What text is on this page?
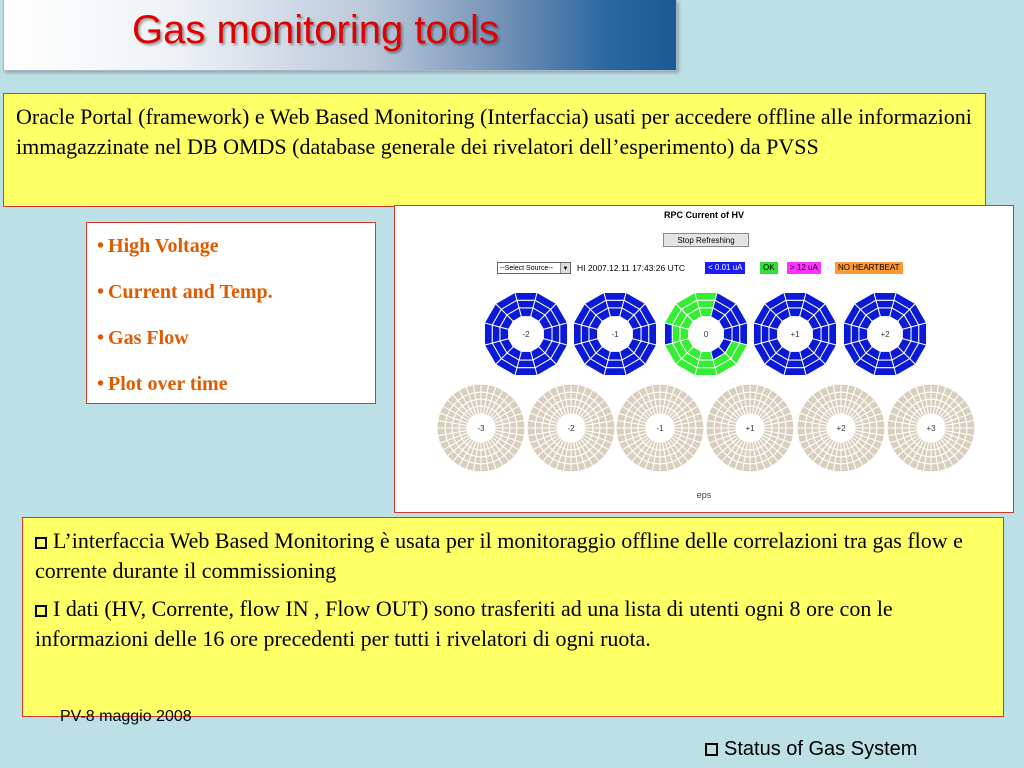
Gas monitoring tools
Oracle Portal (framework) e Web Based Monitoring (Interfaccia) usati per accedere offline alle informazioni immagazzinate nel DB OMDS (database generale dei rivelatori dell’esperimento) da PVSS
• High Voltage
• Current and Temp.
• Gas Flow
• Plot over time
RPC Current of HV
Stop Refreshing
--Select Source--	▼ HI 2007.12.11 17:43:26 UTC	< 0.01 uA	OK	> 12 uA	NO HEARTBEAT
-2	-1	0	+1	+2
-3	-2	-1	+1	+2	+3
eps

L’interfaccia Web Based Monitoring è usata per il monitoraggio offline delle correlazioni tra gas flow e corrente durante il commissioning

I dati (HV, Corrente, flow IN , Flow OUT) sono trasferiti ad una lista di utenti ogni 8 ore con le informazioni delle 16 ore precedenti per tutti i rivelatori di ogni ruota.

PV-8 maggio 2008
Status of Gas System
